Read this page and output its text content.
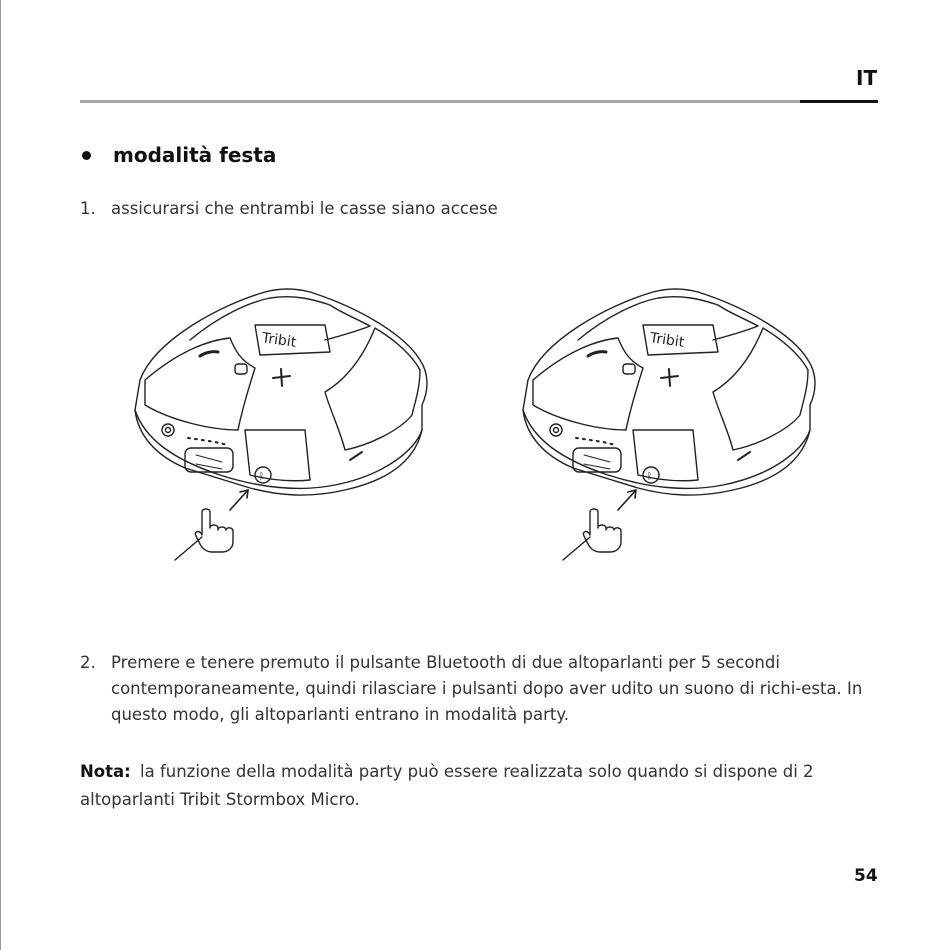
IT
modalità festa
1. assicurarsi che entrambi le casse siano accese
Tribit
ᛒ
Tribit
ᛒ
2. Premere e tenere premuto il pulsante Bluetooth di due altoparlanti per 5 secondi contemporaneamente, quindi rilasciare i pulsanti dopo aver udito un suono di richi-esta. In questo modo, gli altoparlanti entrano in modalità party.
Nota: la funzione della modalità party può essere realizzata solo quando si dispone di 2 altoparlanti Tribit Stormbox Micro.
54
